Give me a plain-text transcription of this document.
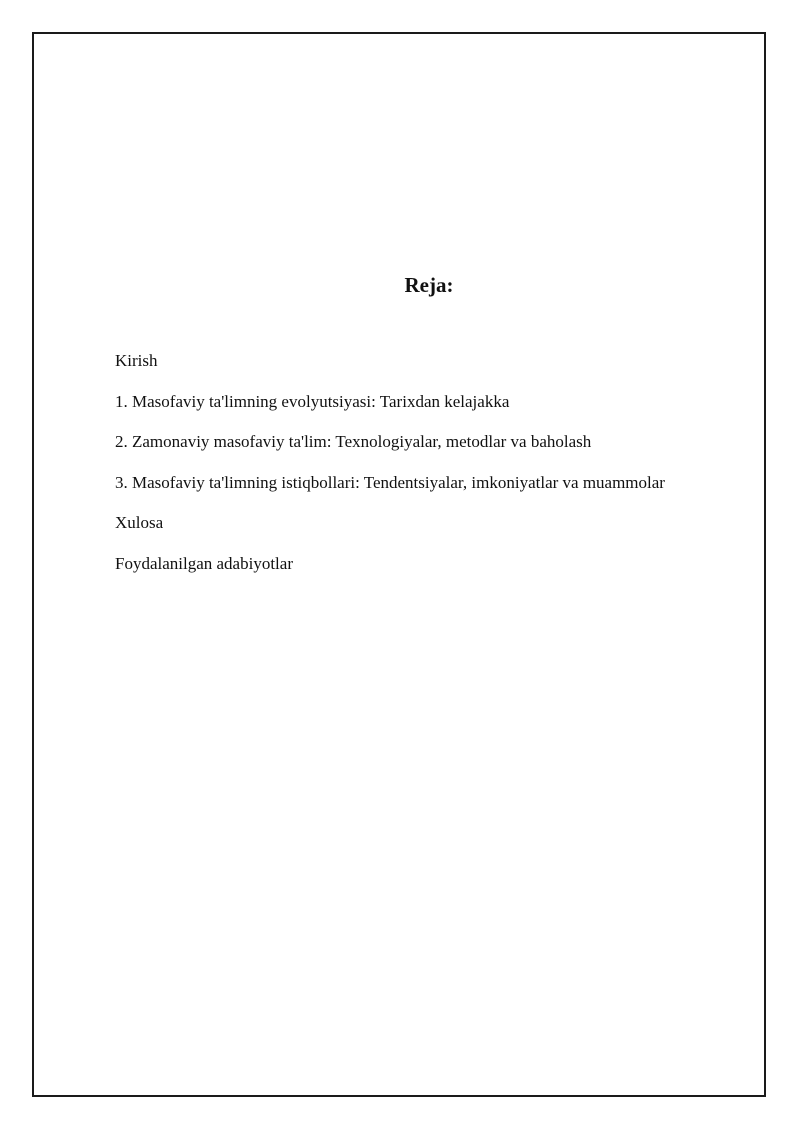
Reja:
Kirish
1. Masofaviy ta'limning evolyutsiyasi: Tarixdan kelajakka
2. Zamonaviy masofaviy ta'lim: Texnologiyalar, metodlar va baholash
3. Masofaviy ta'limning istiqbollari: Tendentsiyalar, imkoniyatlar va muammolar
Xulosa
Foydalanilgan adabiyotlar
